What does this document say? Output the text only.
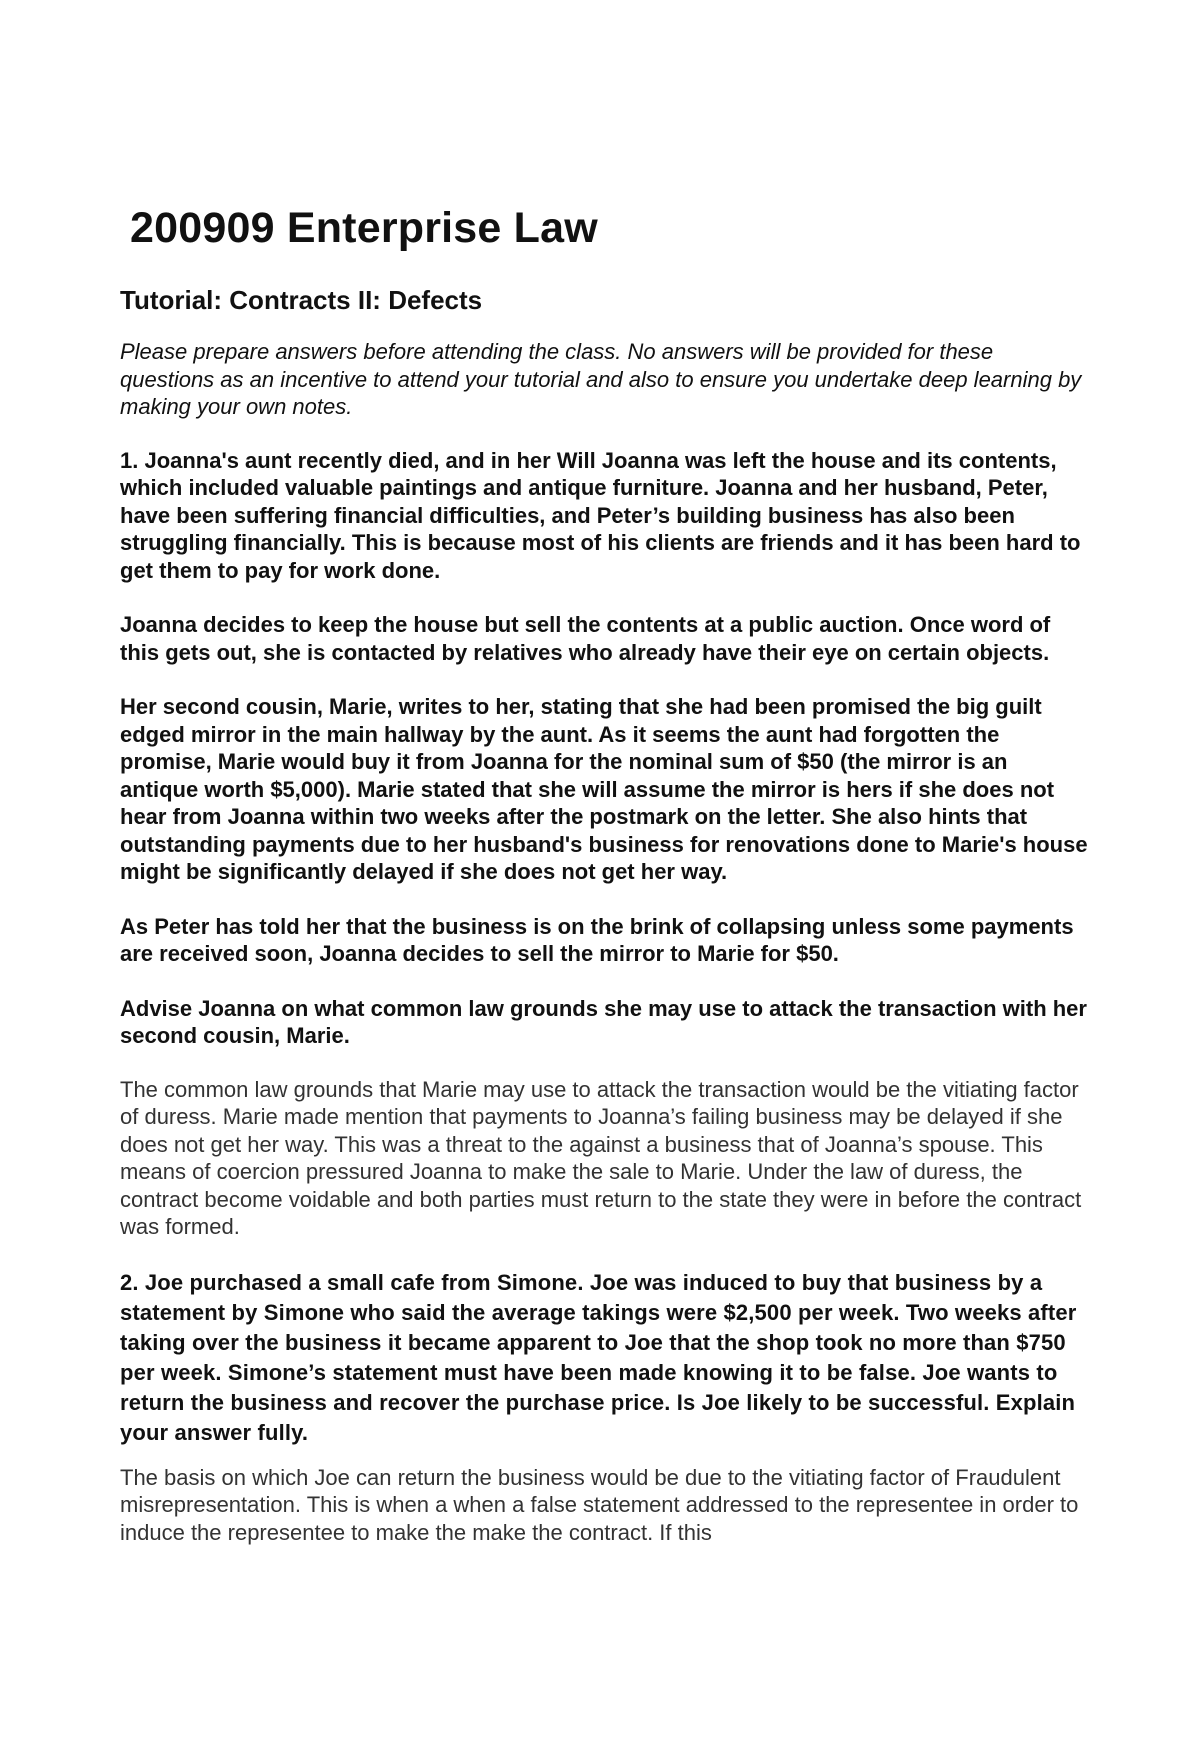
200909 Enterprise Law
Tutorial: Contracts II: Defects

Please prepare answers before attending the class. No answers will be provided for these questions as an incentive to attend your tutorial and also to ensure you undertake deep learning by making your own notes.

1. Joanna's aunt recently died, and in her Will Joanna was left the house and its contents, which included valuable paintings and antique furniture. Joanna and her husband, Peter, have been suffering financial difficulties, and Peter’s building business has also been struggling financially. This is because most of his clients are friends and it has been hard to get them to pay for work done.

Joanna decides to keep the house but sell the contents at a public auction. Once word of this gets out, she is contacted by relatives who already have their eye on certain objects.

Her second cousin, Marie, writes to her, stating that she had been promised the big guilt edged mirror in the main hallway by the aunt. As it seems the aunt had forgotten the promise, Marie would buy it from Joanna for the nominal sum of $50 (the mirror is an antique worth $5,000). Marie stated that she will assume the mirror is hers if she does not hear from Joanna within two weeks after the postmark on the letter. She also hints that outstanding payments due to her husband's business for renovations done to Marie's house might be significantly delayed if she does not get her way.

As Peter has told her that the business is on the brink of collapsing unless some payments are received soon, Joanna decides to sell the mirror to Marie for $50.

Advise Joanna on what common law grounds she may use to attack the transaction with her second cousin, Marie.

The common law grounds that Marie may use to attack the transaction would be the vitiating factor of duress. Marie made mention that payments to Joanna’s failing business may be delayed if she does not get her way. This was a threat to the against a business that of Joanna’s spouse. This means of coercion pressured Joanna to make the sale to Marie. Under the law of duress, the contract become voidable and both parties must return to the state they were in before the contract was formed.

2. Joe purchased a small cafe from Simone. Joe was induced to buy that business by a statement by Simone who said the average takings were $2,500 per week. Two weeks after taking over the business it became apparent to Joe that the shop took no more than $750 per week. Simone’s statement must have been made knowing it to be false. Joe wants to return the business and recover the purchase price. Is Joe likely to be successful. Explain your answer fully.

The basis on which Joe can return the business would be due to the vitiating factor of Fraudulent misrepresentation. This is when a when a false statement addressed to the representee in order to induce the representee to make the make the contract. If this
